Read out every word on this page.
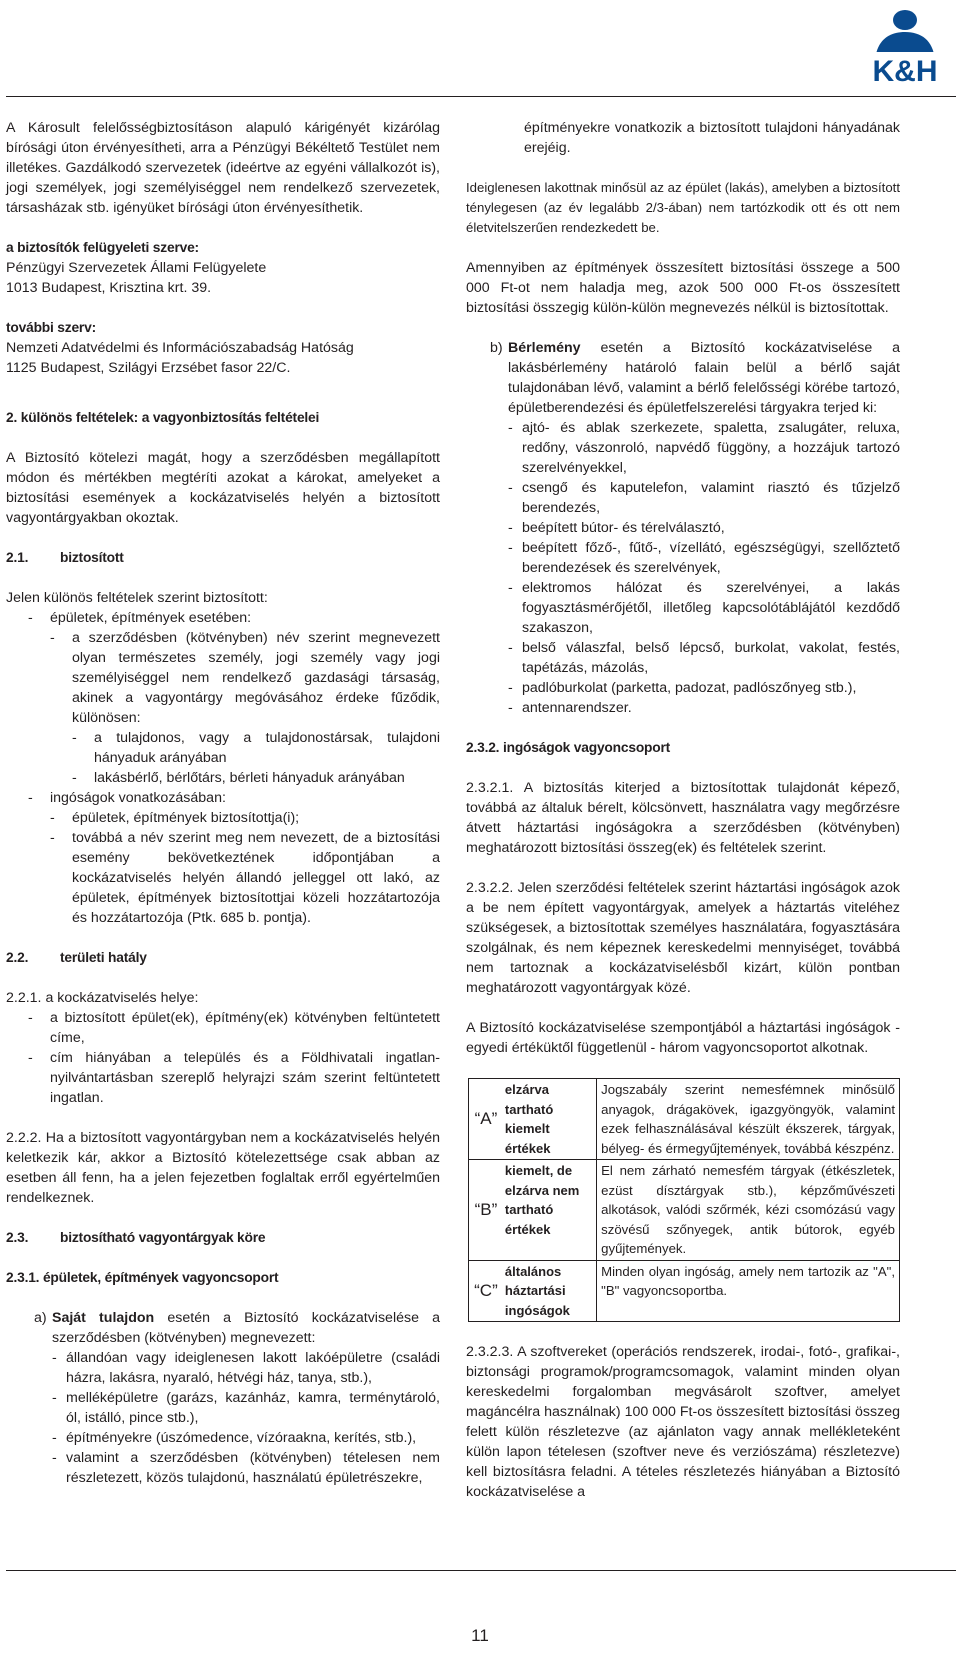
K&H

A Károsult felelősségbiztosításon alapuló kárigényét kizárólag bírósági úton érvényesítheti, arra a Pénzügyi Békéltető Testület nem illetékes. Gazdálkodó szervezetek (ideértve az egyéni vállalkozót is), jogi személyek, jogi személyiséggel nem rendelkező szervezetek, társasházak stb. igényüket bírósági úton érvényesíthetik.

a biztosítók felügyeleti szerve:

Pénzügyi Szervezetek Állami Felügyelete

1013 Budapest, Krisztina krt. 39.

további szerv:

Nemzeti Adatvédelmi és Információszabadság Hatóság

1125 Budapest, Szilágyi Erzsébet fasor 22/C.

2. különös feltételek: a vagyonbiztosítás feltételei

A Biztosító kötelezi magát, hogy a szerződésben megállapított módon és mértékben megtéríti azokat a károkat, amelyeket a biztosítási események a kockázatviselés helyén a biztosított vagyontárgyakban okoztak.

2.1. biztosított

Jelen különös feltételek szerint biztosított:

-	épületek, építmények esetében:
-	a szerződésben (kötvényben) név szerint megnevezett olyan természetes személy, jogi személy vagy jogi személyiséggel nem rendelkező gazdasági társaság, akinek a vagyontárgy megóvásához érdeke fűződik, különösen:
-	a tulajdonos, vagy a tulajdonostársak, tulajdoni hányaduk arányában
-	lakásbérlő, bérlőtárs, bérleti hányaduk arányában
-	ingóságok vonatkozásában:
-	épületek, építmények biztosítottja(i);
-	továbbá a név szerint meg nem nevezett, de a biztosítási esemény bekövetkeztének időpontjában a kockázatviselés helyén állandó jelleggel ott lakó, az épületek, építmények biztosítottjai közeli hozzátartozója és hozzátartozója (Ptk. 685 b. pontja).

2.2. területi hatály

2.2.1. a kockázatviselés helye:

-	a biztosított épület(ek), építmény(ek) kötvényben feltüntetett címe,
-	cím hiányában a település és a Földhivatali ingatlan-nyilvántartásban szereplő helyrajzi szám szerint feltüntetett ingatlan.

2.2.2. Ha a biztosított vagyontárgyban nem a kockázatviselés helyén keletkezik kár, akkor a Biztosító kötelezettsége csak abban az esetben áll fenn, ha a jelen fejezetben foglaltak erről egyértelműen rendelkeznek.

2.3. biztosítható vagyontárgyak köre

2.3.1. épületek, építmények vagyoncsoport

a) Saját tulajdon esetén a Biztosító kockázatviselése a szerződésben (kötvényben) megnevezett:
- állandóan vagy ideiglenesen lakott lakóépületre (családi házra, lakásra, nyaraló, hétvégi ház, tanya, stb.),
- melléképületre (garázs, kazánház, kamra, terménytároló, ól, istálló, pince stb.),
- építményekre (úszómedence, vízóraakna, kerítés, stb.),
- valamint a szerződésben (kötvényben) tételesen nem részletezett, közös tulajdonú, használatú épületrészekre,

építményekre vonatkozik a biztosított tulajdoni hányadának erejéig.

Ideiglenesen lakottnak minősül az az épület (lakás), amelyben a biztosított ténylegesen (az év legalább 2/3-ában) nem tartózkodik ott és ott nem életvitelszerűen rendezkedett be.

Amennyiben az építmények összesített biztosítási összege a 500 000 Ft-ot nem haladja meg, azok 500 000 Ft-os összesített biztosítási összegig külön-külön megnevezés nélkül is biztosítottak.

b) Bérlemény esetén a Biztosító kockázatviselése a lakásbérlemény határoló falain belül a bérlő saját tulajdonában lévő, valamint a bérlő felelősségi körébe tartozó, épületberendezési és épületfelszerelési tárgyakra terjed ki:
- ajtó- és ablak szerkezete, spaletta, zsalugáter, reluxa, redőny, vászonroló, napvédő függöny, a hozzájuk tartozó szerelvényekkel,
- csengő és kaputelefon, valamint riasztó és tűzjelző berendezés,
- beépített bútor- és térelválasztó,
- beépített főző-, fűtő-, vízellátó, egészségügyi, szellőztető berendezések és szerelvények,
- elektromos hálózat és szerelvényei, a lakás fogyasztásmérőjétől, illetőleg kapcsolótáblájától kezdődő szakaszon,
- belső válaszfal, belső lépcső, burkolat, vakolat, festés, tapétázás, mázolás,
- padlóburkolat (parketta, padozat, padlószőnyeg stb.),
- antennarendszer.

2.3.2. ingóságok vagyoncsoport

2.3.2.1. A biztosítás kiterjed a biztosítottak tulajdonát képező, továbbá az általuk bérelt, kölcsönvett, használatra vagy megőrzésre átvett háztartási ingóságokra a szerződésben (kötvényben) meghatározott biztosítási összeg(ek) és feltételek szerint.

2.3.2.2. Jelen szerződési feltételek szerint háztartási ingóságok azok a be nem épített vagyontárgyak, amelyek a háztartás viteléhez szükségesek, a biztosítottak személyes használatára, fogyasztására szolgálnak, és nem képeznek kereskedelmi mennyiséget, továbbá nem tartoznak a kockázatviselésből kizárt, külön pontban meghatározott vagyontárgyak közé.

A Biztosító kockázatviselése szempontjából a háztartási ingóságok - egyedi értéküktől függetlenül - három vagyoncsoportot alkotnak.

“A”	elzárva tartható kiemelt értékek	Jogszabály szerint nemesfémnek minősülő anyagok, drágakövek, igazgyöngyök, valamint ezek felhasználásával készült ékszerek, tárgyak, bélyeg- és érmegyűjtemények, továbbá készpénz.
“B”	kiemelt, de elzárva nem tartható értékek	El nem zárható nemesfém tárgyak (étkészletek, ezüst dísztárgyak stb.), képzőművészeti alkotások, valódi szőrmék, kézi csomózású vagy szövésű szőnyegek, antik bútorok, egyéb gyűjtemények.
“C”	általános háztartási ingóságok	Minden olyan ingóság, amely nem tartozik az "A", "B" vagyoncsoportba.

2.3.2.3. A szoftvereket (operációs rendszerek, irodai-, fotó-, grafikai-, biztonsági programok/programcsomagok, valamint minden olyan kereskedelmi forgalomban megvásárolt szoftver, amelyet magáncélra használnak) 100 000 Ft-os összesített biztosítási összeg felett külön részletezve (az ajánlaton vagy annak mellékleteként külön lapon tételesen (szoftver neve és verziószáma) részletezve) kell biztosításra feladni. A tételes részletezés hiányában a Biztosító kockázatviselése a

11
